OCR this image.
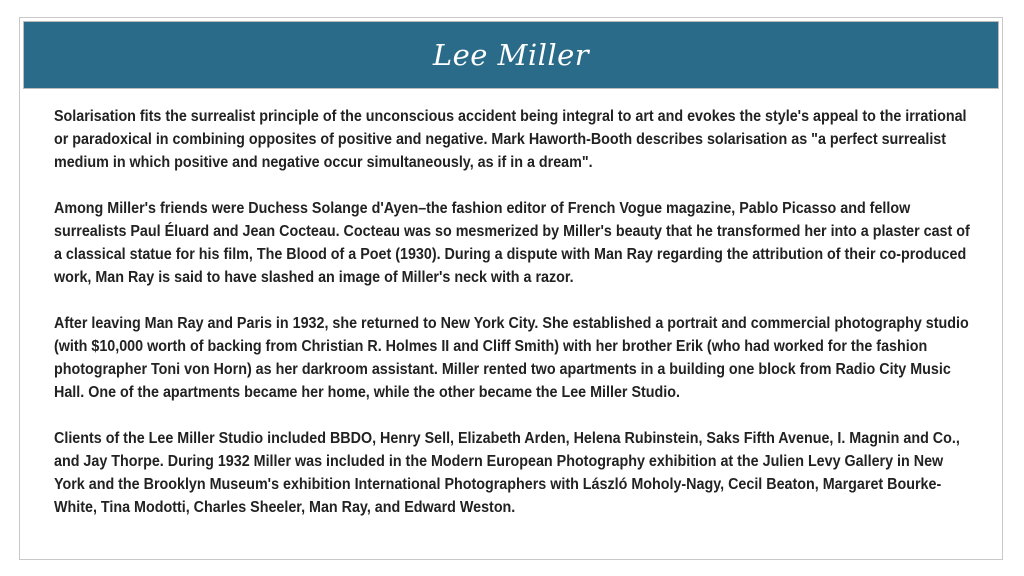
Lee Miller

Solarisation fits the surrealist principle of the unconscious accident being integral to art and evokes the style's appeal to the irrational or paradoxical in combining opposites of positive and negative. Mark Haworth-Booth describes solarisation as "a perfect surrealist medium in which positive and negative occur simultaneously, as if in a dream".

Among Miller's friends were Duchess Solange d'Ayen–the fashion editor of French Vogue magazine, Pablo Picasso and fellow surrealists Paul Éluard and Jean Cocteau. Cocteau was so mesmerized by Miller's beauty that he transformed her into a plaster cast of a classical statue for his film, The Blood of a Poet (1930). During a dispute with Man Ray regarding the attribution of their co-produced work, Man Ray is said to have slashed an image of Miller's neck with a razor.

After leaving Man Ray and Paris in 1932, she returned to New York City. She established a portrait and commercial photography studio (with $10,000 worth of backing from Christian R. Holmes II and Cliff Smith) with her brother Erik (who had worked for the fashion photographer Toni von Horn) as her darkroom assistant. Miller rented two apartments in a building one block from Radio City Music Hall. One of the apartments became her home, while the other became the Lee Miller Studio.

Clients of the Lee Miller Studio included BBDO, Henry Sell, Elizabeth Arden, Helena Rubinstein, Saks Fifth Avenue, I. Magnin and Co., and Jay Thorpe. During 1932 Miller was included in the Modern European Photography exhibition at the Julien Levy Gallery in New York and the Brooklyn Museum's exhibition International Photographers with László Moholy-Nagy, Cecil Beaton, Margaret Bourke-White, Tina Modotti, Charles Sheeler, Man Ray, and Edward Weston.
